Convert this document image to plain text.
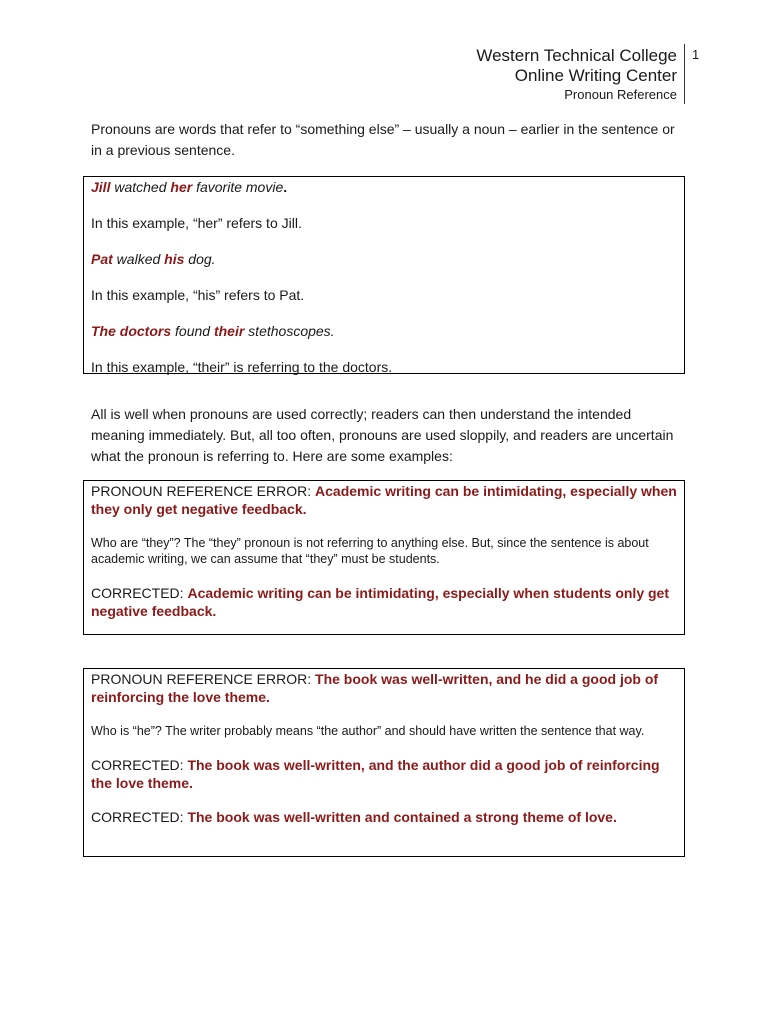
Western Technical College
Online Writing Center
Pronoun Reference
1
Pronouns are words that refer to “something else” – usually a noun – earlier in the sentence or in a previous sentence.

Jill watched her favorite movie.

In this example, “her” refers to Jill.

Pat walked his dog.

In this example, “his” refers to Pat.

The doctors found their stethoscopes.

In this example, “their” is referring to the doctors.

All is well when pronouns are used correctly; readers can then understand the intended meaning immediately. But, all too often, pronouns are used sloppily, and readers are uncertain what the pronoun is referring to. Here are some examples:

PRONOUN REFERENCE ERROR: Academic writing can be intimidating, especially when they only get negative feedback.

Who are “they”? The “they” pronoun is not referring to anything else. But, since the sentence is about academic writing, we can assume that “they” must be students.

CORRECTED: Academic writing can be intimidating, especially when students only get negative feedback.

PRONOUN REFERENCE ERROR: The book was well-written, and he did a good job of reinforcing the love theme.

Who is “he”? The writer probably means “the author” and should have written the sentence that way.

CORRECTED: The book was well-written, and the author did a good job of reinforcing the love theme.

CORRECTED: The book was well-written and contained a strong theme of love.
